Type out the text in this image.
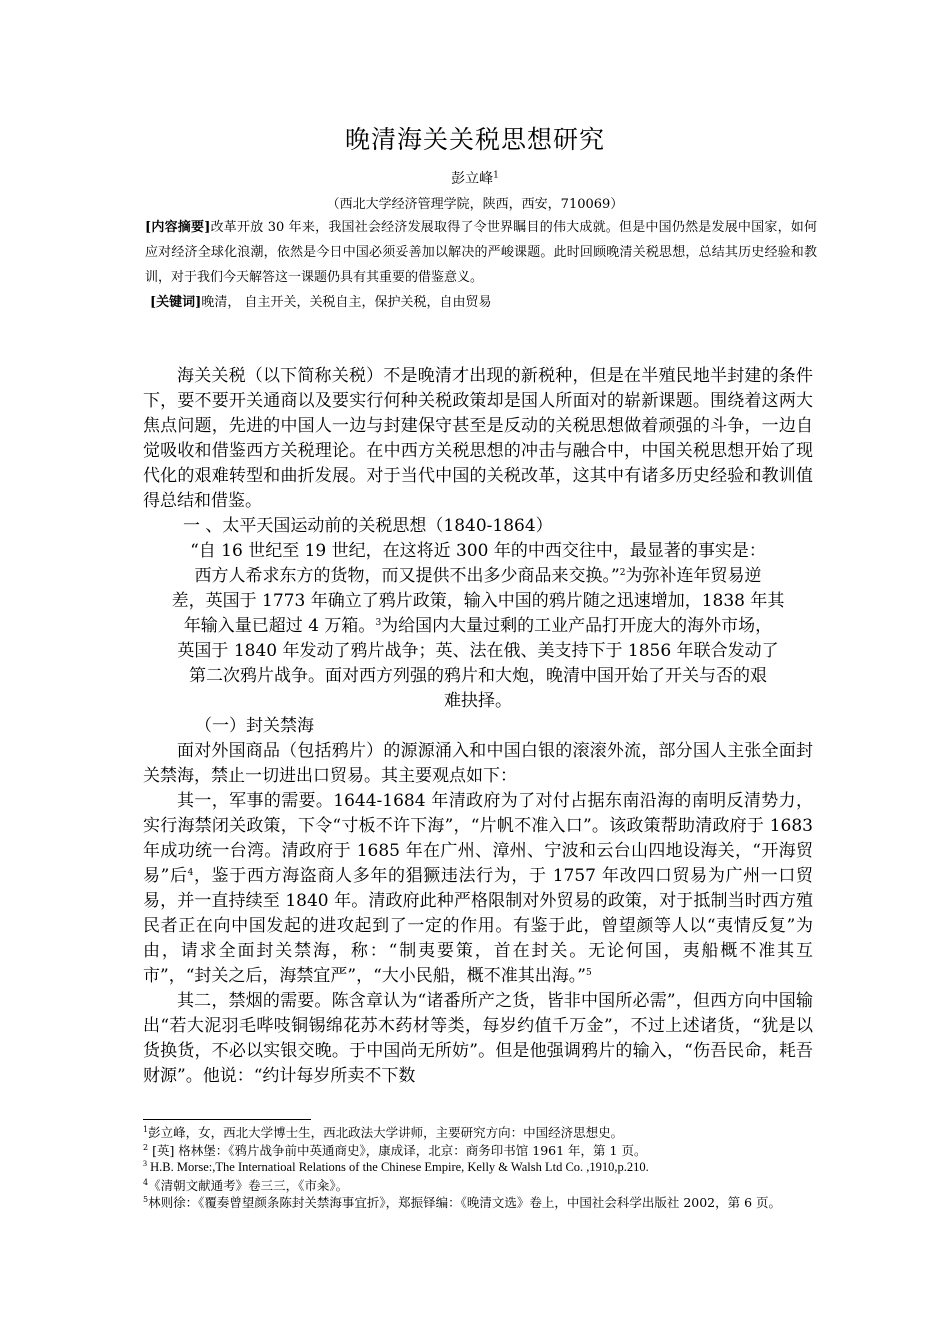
晚清海关关税思想研究
彭立峰$^1$
（西北大学经济管理学院，陕西，西安，710069）
[内容摘要]改革开放 30 年来，我国社会经济发展取得了令世界瞩目的伟大成就。但是中国仍然是发展中国家，如何应对经济全球化浪潮，依然是今日中国必须妥善加以解决的严峻课题。此时回顾晚清关税思想，总结其历史经验和教训，对于我们今天解答这一课题仍具有其重要的借鉴意义。
[关键词]晚清， 自主开关，关税自主，保护关税，自由贸易

海关关税（以下简称关税）不是晚清才出现的新税种，但是在半殖民地半封建的条件下，要不要开关通商以及要实行何种关税政策却是国人所面对的崭新课题。围绕着这两大焦点问题，先进的中国人一边与封建保守甚至是反动的关税思想做着顽强的斗争，一边自觉吸收和借鉴西方关税理论。在中西方关税思想的冲击与融合中，中国关税思想开始了现代化的艰难转型和曲折发展。对于当代中国的关税改革，这其中有诸多历史经验和教训值得总结和借鉴。

一 、太平天国运动前的关税思想（1840-1864）

“自 16 世纪至 19 世纪，在这将近 300 年的中西交往中，最显著的事实是：

西方人希求东方的货物，而又提供不出多少商品来交换。”$^2$为弥补连年贸易逆

差，英国于 1773 年确立了鸦片政策，输入中国的鸦片随之迅速增加，1838 年其

年输入量已超过 4 万箱。$^3$为给国内大量过剩的工业产品打开庞大的海外市场，

英国于 1840 年发动了鸦片战争；英、法在俄、美支持下于 1856 年联合发动了

第二次鸦片战争。面对西方列强的鸦片和大炮，晚清中国开始了开关与否的艰

难抉择。

（一）封关禁海

面对外国商品（包括鸦片）的源源涌入和中国白银的滚滚外流，部分国人主张全面封关禁海，禁止一切进出口贸易。其主要观点如下：

其一，军事的需要。1644-1684 年清政府为了对付占据东南沿海的南明反清势力，实行海禁闭关政策，下令“寸板不许下海”，“片帆不准入口”。该政策帮助清政府于 1683 年成功统一台湾。清政府于 1685 年在广州、漳州、宁波和云台山四地设海关，“开海贸易”后$^4$，鉴于西方海盗商人多年的猖獗违法行为，于 1757 年改四口贸易为广州一口贸易，并一直持续至 1840 年。清政府此种严格限制对外贸易的政策，对于抵制当时西方殖民者正在向中国发起的进攻起到了一定的作用。有鉴于此，曾望颜等人以“夷情反复”为由，请求全面封关禁海，称：“制夷要策，首在封关。无论何国，夷船概不准其互市”，“封关之后，海禁宜严”，“大小民船，概不准其出海。”$^5$

其二，禁烟的需要。陈含章认为“诸番所产之货，皆非中国所必需”，但西方向中国输出“若大泥羽毛哔吱铜锡绵花苏木药材等类，每岁约值千万金”，不过上述诸货，“犹是以货换货，不必以实银交晚。于中国尚无所妨”。但是他强调鸦片的输入，“伤吾民命，耗吾财源”。他说：“约计每岁所卖不下数

$^1$彭立峰，女，西北大学博士生，西北政法大学讲师，主要研究方向：中国经济思想史。
$^2$ [英] 格林堡：《鸦片战争前中英通商史》，康成译，北京：商务印书馆 1961 年，第 1 页。
$^3$ H.B. Morse:,The Internatioal Relations of the Chinese Empire, Kelly & Walsh Ltd Co. ,1910,p.210.
$^4$《清朝文献通考》卷三三，《市籴》。
$^5$林则徐：《覆奏曾望颜条陈封关禁海事宜折》，郑振铎编：《晚清文选》卷上，中国社会科学出版社 2002，第 6 页。
